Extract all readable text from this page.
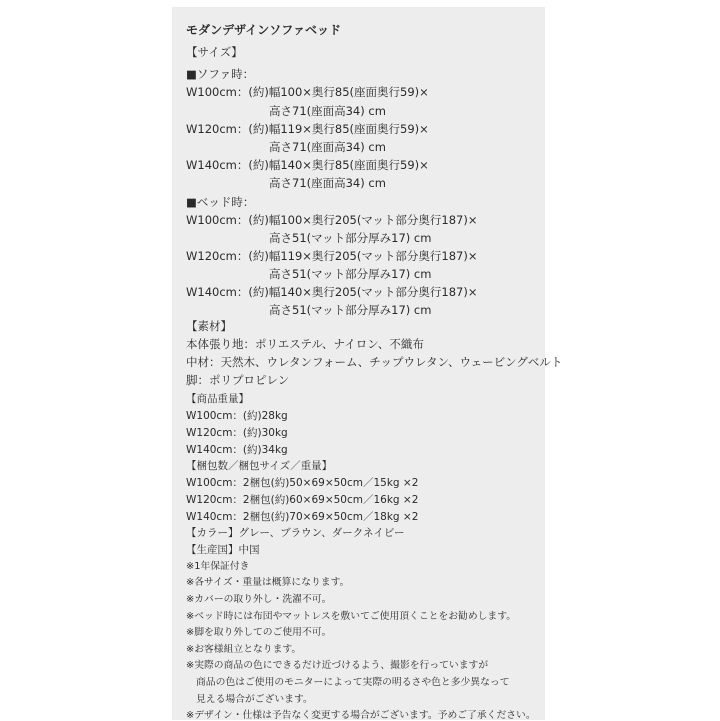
モダンデザインソファベッド
【サイズ】
■ソファ時：
W100cm：(約)幅100×奥行85(座面奥行59)×
高さ71(座面高34) cm
W120cm：(約)幅119×奥行85(座面奥行59)×
高さ71(座面高34) cm
W140cm：(約)幅140×奥行85(座面奥行59)×
高さ71(座面高34) cm
■ベッド時：
W100cm：(約)幅100×奥行205(マット部分奥行187)×
高さ51(マット部分厚み17) cm
W120cm：(約)幅119×奥行205(マット部分奥行187)×
高さ51(マット部分厚み17) cm
W140cm：(約)幅140×奥行205(マット部分奥行187)×
高さ51(マット部分厚み17) cm
【素材】
本体張り地：ポリエステル、ナイロン、不織布
中材：天然木、ウレタンフォーム、チップウレタン、ウェービングベルト
脚：ポリプロピレン
【商品重量】
W100cm：(約)28kg
W120cm：(約)30kg
W140cm：(約)34kg
【梱包数／梱包サイズ／重量】
W100cm：2梱包(約)50×69×50cm／15kg ×2
W120cm：2梱包(約)60×69×50cm／16kg ×2
W140cm：2梱包(約)70×69×50cm／18kg ×2
【カラー】グレー、ブラウン、ダークネイビー
【生産国】中国
※1年保証付き
※各サイズ・重量は概算になります。
※カバーの取り外し・洗濯不可。
※ベッド時には布団やマットレスを敷いてご使用頂くことをお勧めします。
※脚を取り外してのご使用不可。
※お客様組立となります。
※実際の商品の色にできるだけ近づけるよう、撮影を行っていますが
商品の色はご使用のモニターによって実際の明るさや色と多少異なって
見える場合がございます。
※デザイン・仕様は予告なく変更する場合がございます。予めご了承ください。
